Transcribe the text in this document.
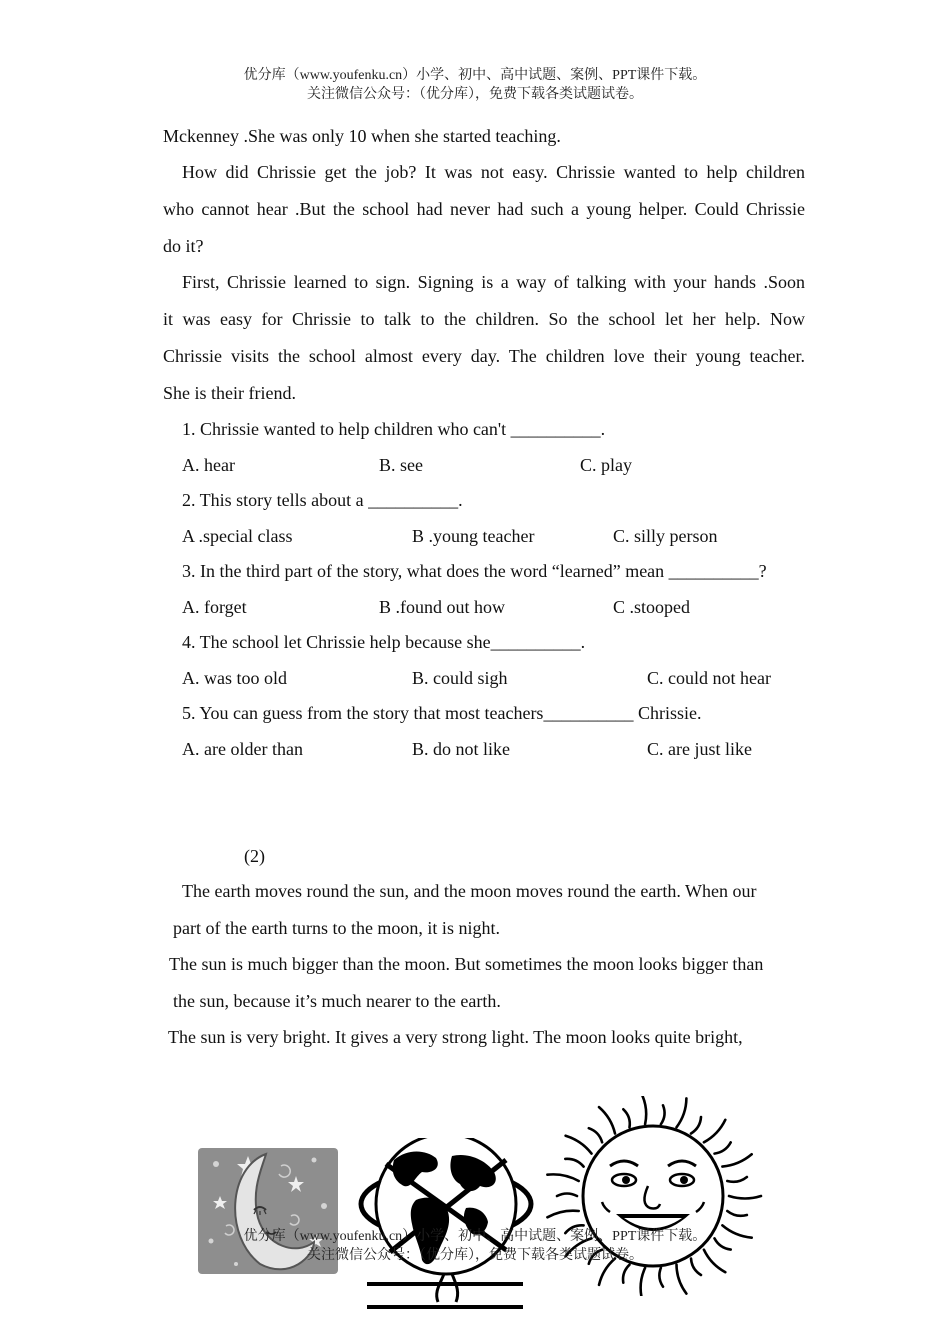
优分库（www.youfenku.cn）小学、初中、高中试题、案例、PPT课件下载。
关注微信公众号：（优分库），免费下载各类试题试卷。
Mckenney .She was only 10 when she started teaching.
How did Chrissie get the job? It was not easy. Chrissie wanted to help children
who cannot hear .But the school had never had such a young helper. Could Chrissie
do it?
First, Chrissie learned to sign. Signing is a way of talking with your hands .Soon
it was easy for Chrissie to talk to the children. So the school let her help. Now
Chrissie visits the school almost every day. The children love their young teacher.
She is their friend.
1. Chrissie wanted to help children who can't __________.
A. hear	B. see	C. play
2. This story tells about a __________.
A .special class	B .young teacher	C. silly person
3. In the third part of the story, what does the word “learned” mean __________?
A. forget	B .found out how	C .stooped
4. The school let Chrissie help because she__________.
A. was too old	B. could sigh	C. could not hear
5. You can guess from the story that most teachers__________ Chrissie.
A. are older than	B. do not like	C. are just like
(2)
The earth moves round the sun, and the moon moves round the earth. When our
part of the earth turns to the moon, it is night.
The sun is much bigger than the moon. But sometimes the moon looks bigger than
the sun, because it’s much nearer to the earth.
The sun is very bright. It gives a very strong light. The moon looks quite bright,
优分库（www.youfenku.cn）小学、初中、高中试题、案例、PPT课件下载。
关注微信公众号：（优分库），免费下载各类试题试卷。
